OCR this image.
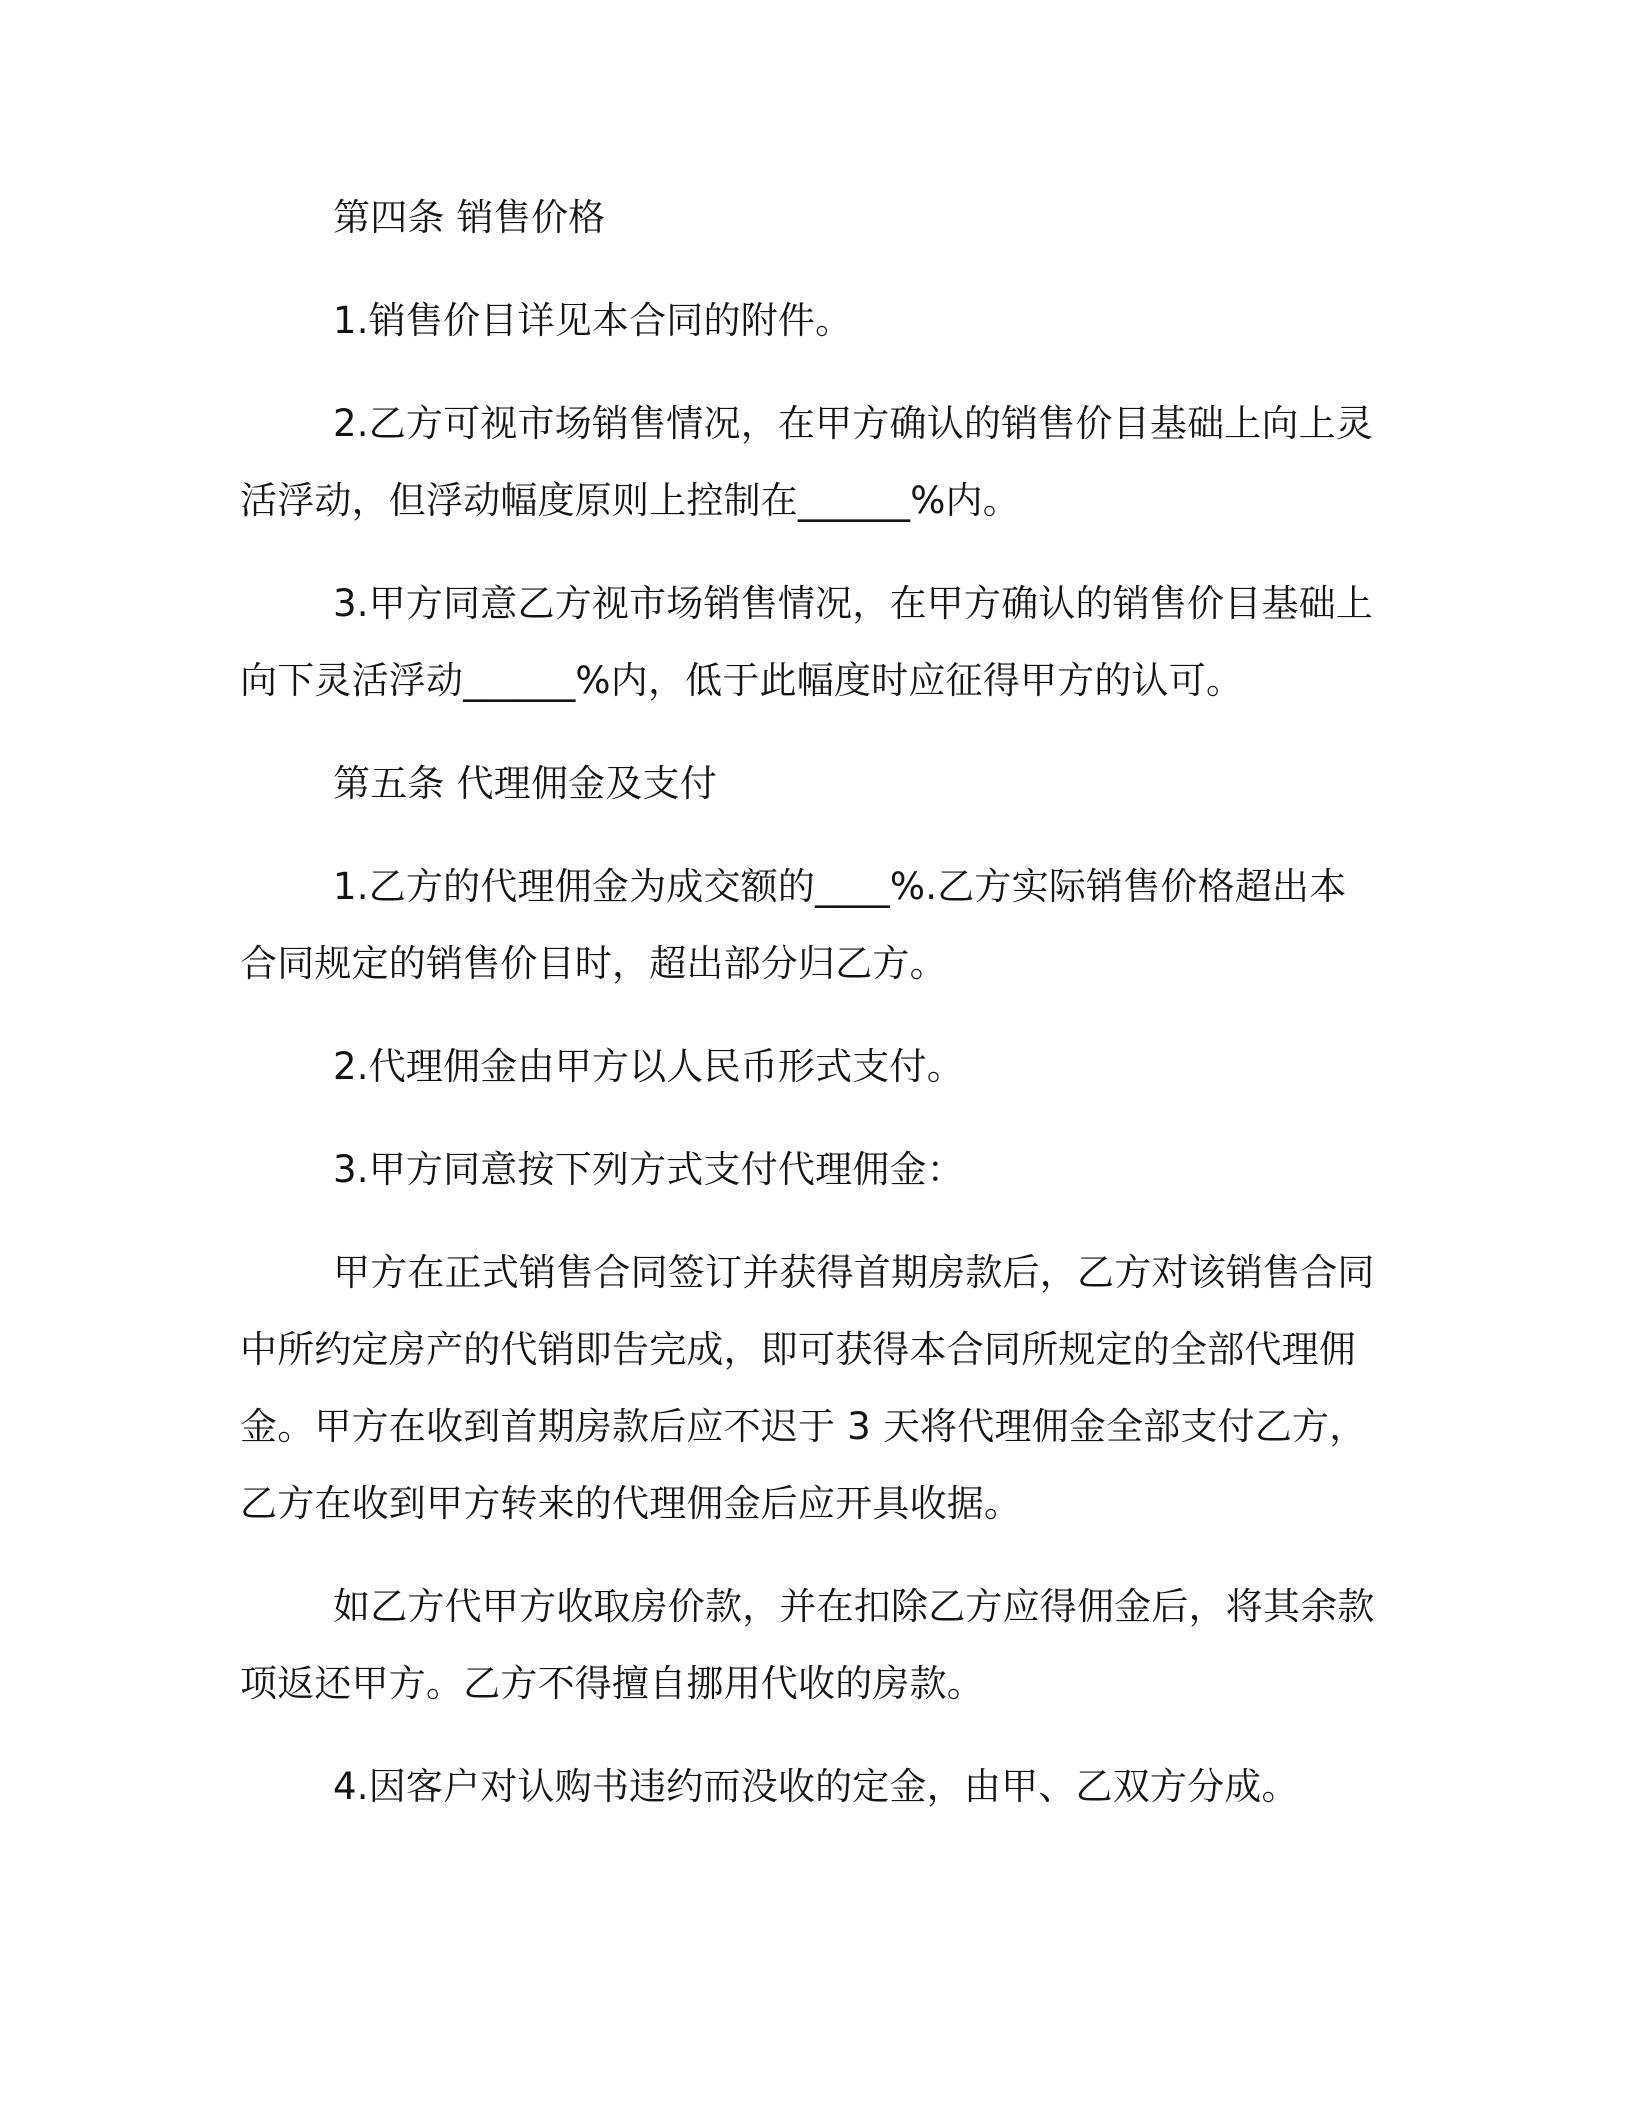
第四条 销售价格
1.销售价目详见本合同的附件。
2.乙方可视市场销售情况，在甲方确认的销售价目基础上向上灵
活浮动，但浮动幅度原则上控制在______%内。
3.甲方同意乙方视市场销售情况，在甲方确认的销售价目基础上
向下灵活浮动______%内，低于此幅度时应征得甲方的认可。
第五条 代理佣金及支付
1.乙方的代理佣金为成交额的____%.乙方实际销售价格超出本
合同规定的销售价目时，超出部分归乙方。
2.代理佣金由甲方以人民币形式支付。
3.甲方同意按下列方式支付代理佣金：
甲方在正式销售合同签订并获得首期房款后，乙方对该销售合同
中所约定房产的代销即告完成，即可获得本合同所规定的全部代理佣
金。甲方在收到首期房款后应不迟于 3 天将代理佣金全部支付乙方，
乙方在收到甲方转来的代理佣金后应开具收据。
如乙方代甲方收取房价款，并在扣除乙方应得佣金后，将其余款
项返还甲方。乙方不得擅自挪用代收的房款。
4.因客户对认购书违约而没收的定金，由甲、乙双方分成。
